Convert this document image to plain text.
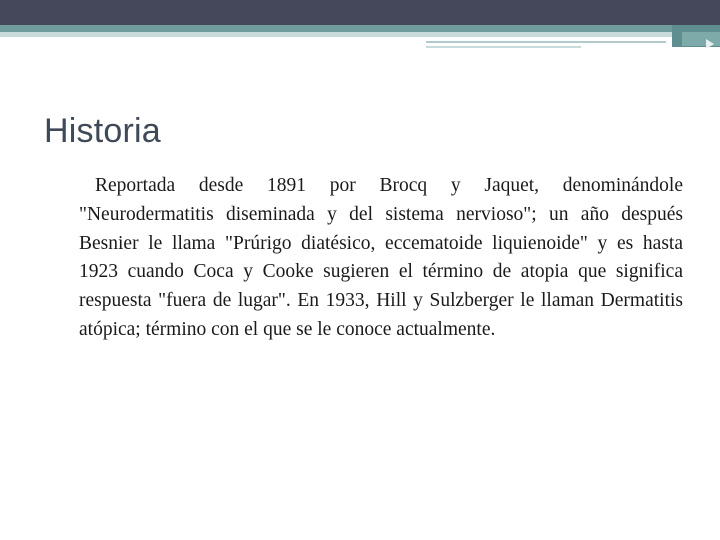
Historia

Reportada desde 1891 por Brocq y Jaquet, denominándole "Neurodermatitis diseminada y del sistema nervioso"; un año después Besnier le llama "Prúrigo diatésico, eccematoide liquienoide" y es hasta 1923 cuando Coca y Cooke sugieren el término de atopia que significa respuesta "fuera de lugar". En 1933, Hill y Sulzberger le llaman Dermatitis atópica; término con el que se le conoce actualmente.
